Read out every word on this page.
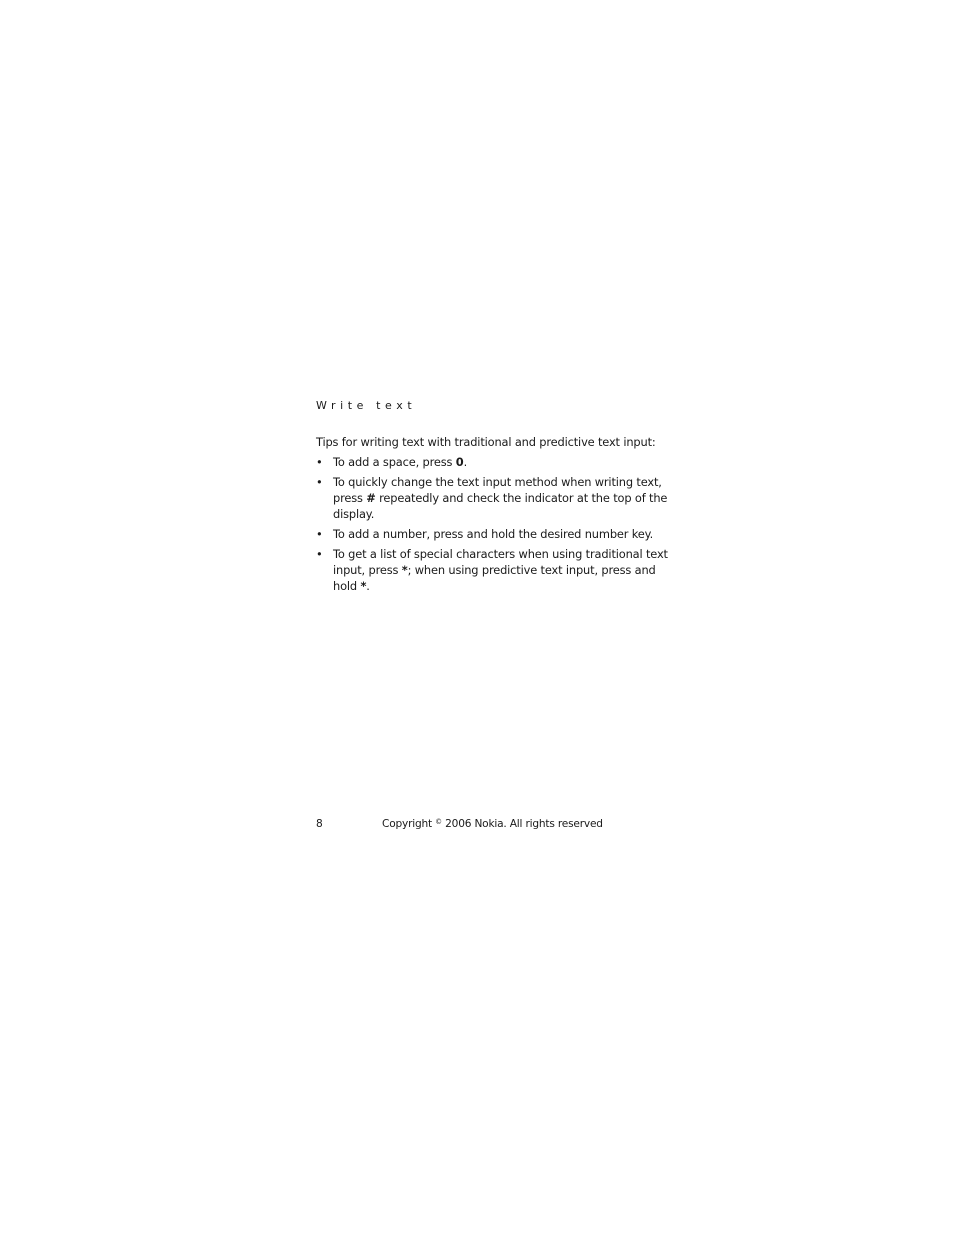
Write text

Tips for writing text with traditional and predictive text input:

• To add a space, press 0.
• To quickly change the text input method when writing text,
press # repeatedly and check the indicator at the top of the
display.
• To add a number, press and hold the desired number key.
• To get a list of special characters when using traditional text
input, press *; when using predictive text input, press and
hold *.
8	Copyright © 2006 Nokia. All rights reserved
